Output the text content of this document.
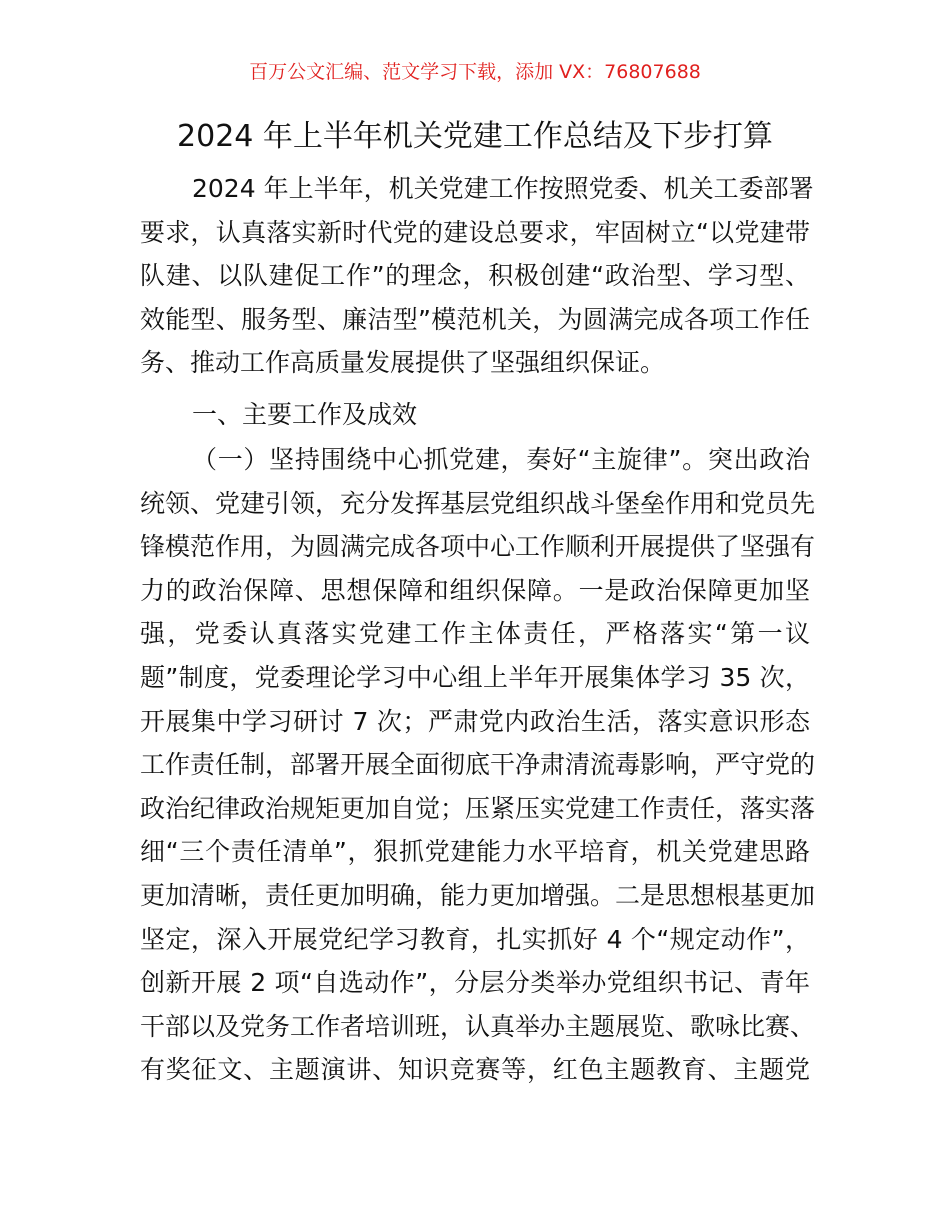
百万公文汇编、范文学习下载，添加 VX：76807688
2024 年上半年机关党建工作总结及下步打算
2024 年上半年，机关党建工作按照党委、机关工委部署
要求，认真落实新时代党的建设总要求，牢固树立“以党建带
队建、以队建促工作”的理念，积极创建“政治型、学习型、
效能型、服务型、廉洁型”模范机关，为圆满完成各项工作任
务、推动工作高质量发展提供了坚强组织保证。
一、主要工作及成效
（一）坚持围绕中心抓党建，奏好“主旋律”。突出政治
统领、党建引领，充分发挥基层党组织战斗堡垒作用和党员先
锋模范作用，为圆满完成各项中心工作顺利开展提供了坚强有
力的政治保障、思想保障和组织保障。一是政治保障更加坚
强，党委认真落实党建工作主体责任，严格落实“第一议
题”制度，党委理论学习中心组上半年开展集体学习 35 次，
开展集中学习研讨 7 次；严肃党内政治生活，落实意识形态
工作责任制，部署开展全面彻底干净肃清流毒影响，严守党的
政治纪律政治规矩更加自觉；压紧压实党建工作责任，落实落
细“三个责任清单”，狠抓党建能力水平培育，机关党建思路
更加清晰，责任更加明确，能力更加增强。二是思想根基更加
坚定，深入开展党纪学习教育，扎实抓好 4 个“规定动作”，
创新开展 2 项“自选动作”，分层分类举办党组织书记、青年
干部以及党务工作者培训班，认真举办主题展览、歌咏比赛、
有奖征文、主题演讲、知识竞赛等，红色主题教育、主题党
